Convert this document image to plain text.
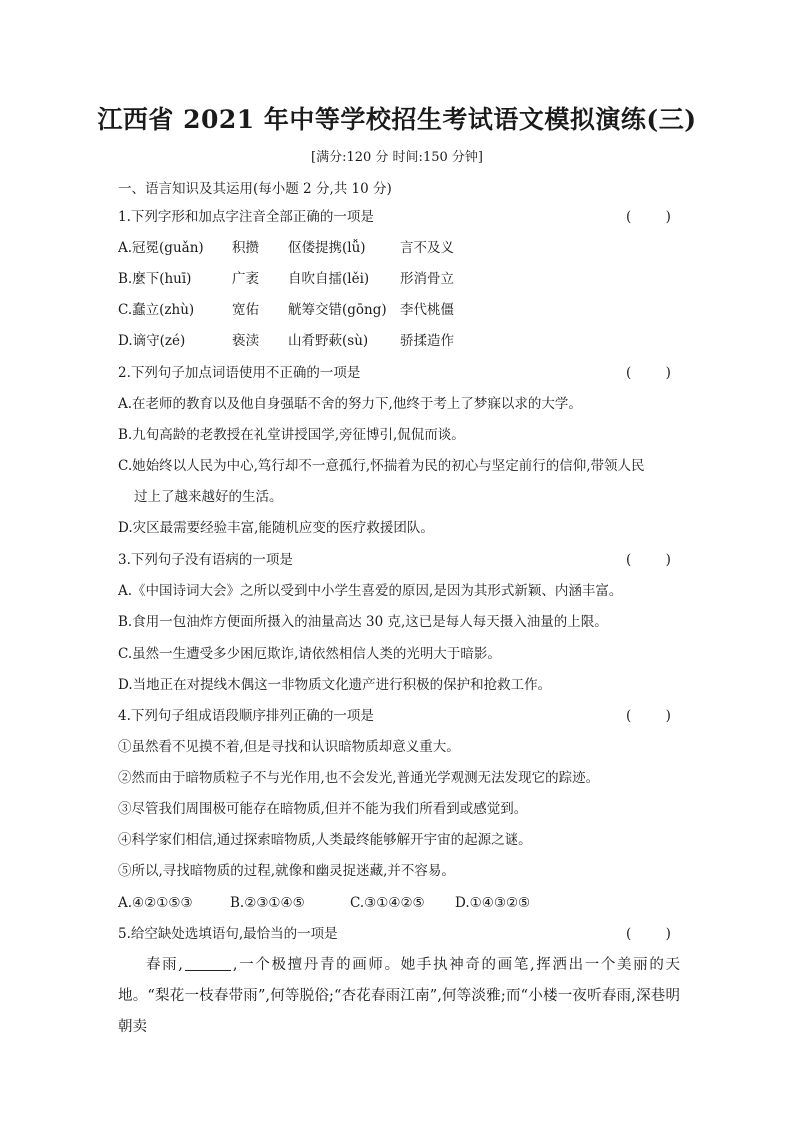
江西省 2021 年中等学校招生考试语文模拟演练(三)
[满分:120 分 时间:150 分钟]
一、语言知识及其运用(每小题 2 分,共 10 分)
1.下列字形和加点字注音全部正确的一项是	(        )
A.冠冕(guǎn) 积攒 伛偻提携(lǚ)	言不及义
B.麼下(huī)	广袤 自吹自擂(lěi) 形消骨立
C.蠢立(zhù)	宽佑 觥筹交错(gōng) 李代桃僵
D.谪守(zé)	亵渎 山肴野蔌(sù) 骄揉造作
2.下列句子加点词语使用不正确的一项是	(        )
A.在老师的教育以及他自身强聒不舍的努力下,他终于考上了梦寐以求的大学。
B.九旬高龄的老教授在礼堂讲授国学,旁征博引,侃侃而谈。
C.她始终以人民为中心,笃行却不一意孤行,怀揣着为民的初心与坚定前行的信仰,带领人民
过上了越来越好的生活。
D.灾区最需要经验丰富,能随机应变的医疗救援团队。
3.下列句子没有语病的一项是	(        )
A.《中国诗词大会》之所以受到中小学生喜爱的原因,是因为其形式新颖、内涵丰富。
B.食用一包油炸方便面所摄入的油量高达 30 克,这已是每人每天摄入油量的上限。
C.虽然一生遭受多少困厄欺诈,请依然相信人类的光明大于暗影。
D.当地正在对提线木偶这一非物质文化遗产进行积极的保护和抢救工作。
4.下列句子组成语段顺序排列正确的一项是	(        )
①虽然看不见摸不着,但是寻找和认识暗物质却意义重大。
②然而由于暗物质粒子不与光作用,也不会发光,普通光学观测无法发现它的踪迹。
③尽管我们周围极可能存在暗物质,但并不能为我们所看到或感觉到。
④科学家们相信,通过探索暗物质,人类最终能够解开宇宙的起源之谜。
⑤所以,寻找暗物质的过程,就像和幽灵捉迷藏,并不容易。
A.④②①⑤③	B.②③①④⑤	C.③①④②⑤ D.①④③②⑤
5.给空缺处选填语句,最恰当的一项是	(        )
春雨,	,一个极擅丹青的画师。她手执神奇的画笔,挥洒出一个美丽的天地。“梨花一枝春带雨”,何等脱俗;“杏花春雨江南”,何等淡雅;而“小楼一夜听春雨,深巷明朝卖
